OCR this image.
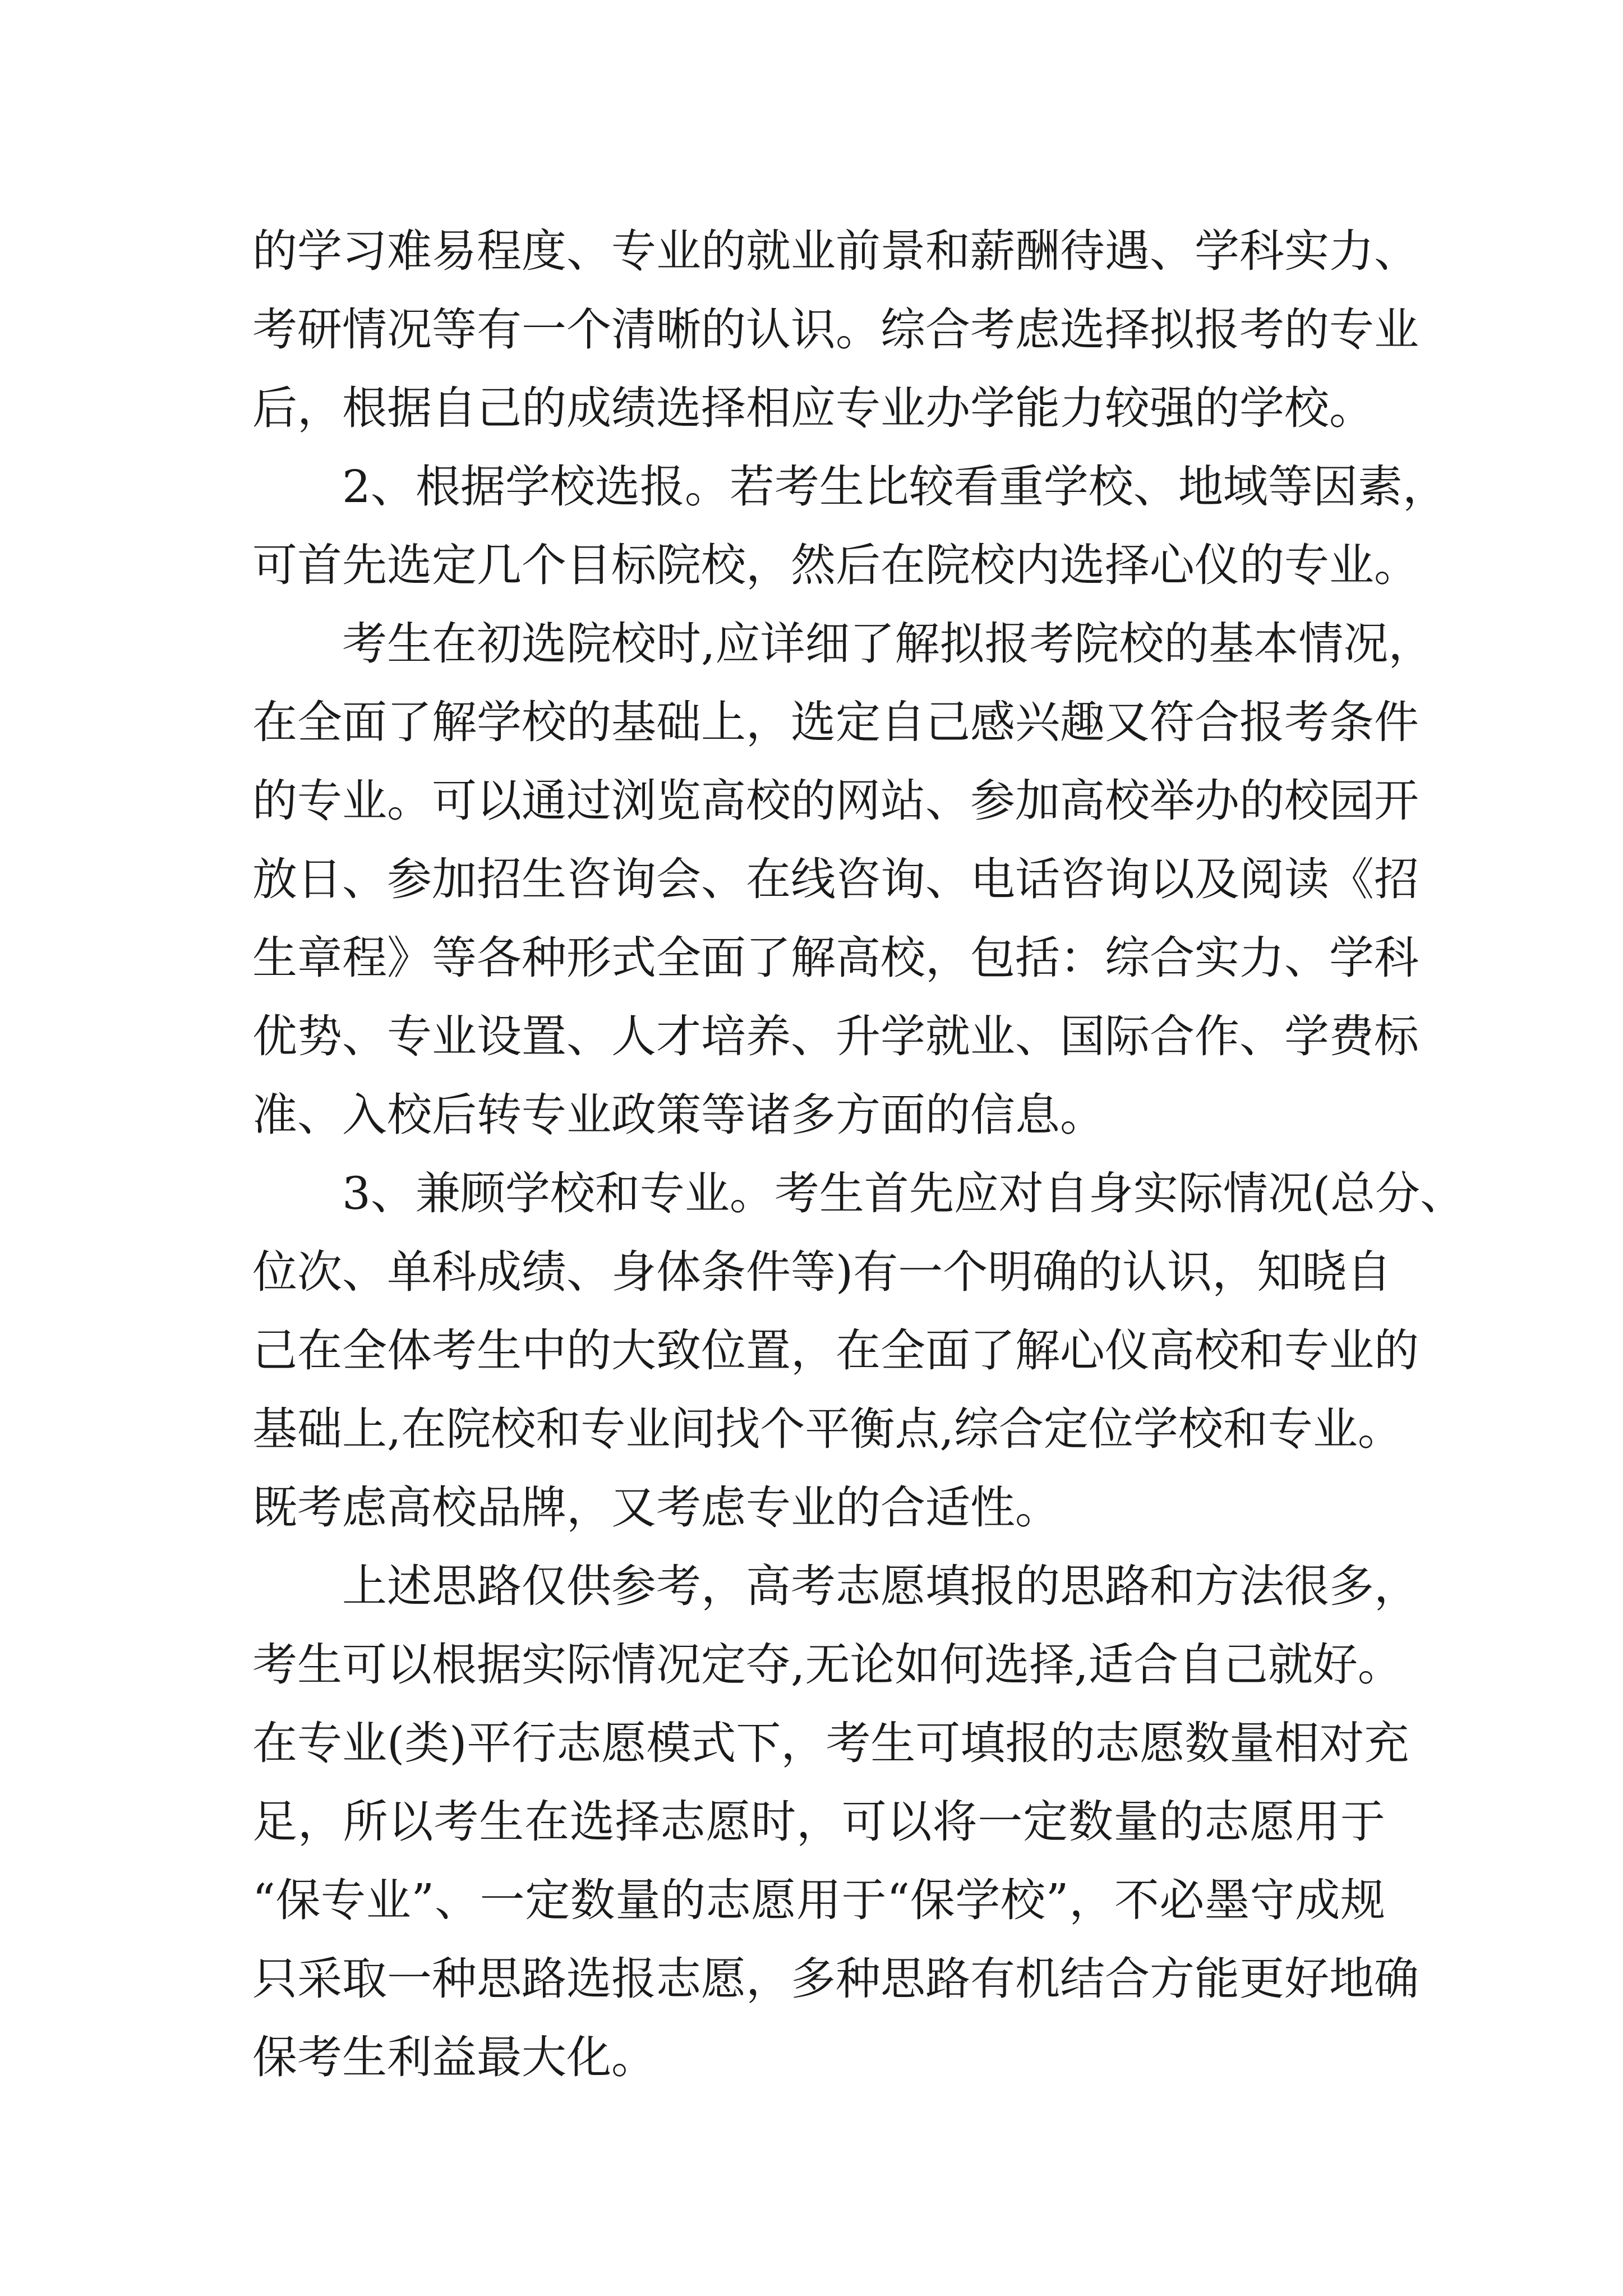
的学习难易程度、专业的就业前景和薪酬待遇、学科实力、
考研情况等有一个清晰的认识。综合考虑选择拟报考的专业
后，根据自己的成绩选择相应专业办学能力较强的学校。
2、根据学校选报。若考生比较看重学校、地域等因素，
可首先选定几个目标院校，然后在院校内选择心仪的专业。
考生在初选院校时,应详细了解拟报考院校的基本情况，
在全面了解学校的基础上，选定自己感兴趣又符合报考条件
的专业。可以通过浏览高校的网站、参加高校举办的校园开
放日、参加招生咨询会、在线咨询、电话咨询以及阅读《招
生章程》等各种形式全面了解高校，包括：综合实力、学科
优势、专业设置、人才培养、升学就业、国际合作、学费标
准、入校后转专业政策等诸多方面的信息。
3、兼顾学校和专业。考生首先应对自身实际情况(总分、
位次、单科成绩、身体条件等)有一个明确的认识，知晓自
己在全体考生中的大致位置，在全面了解心仪高校和专业的
基础上,在院校和专业间找个平衡点,综合定位学校和专业。
既考虑高校品牌，又考虑专业的合适性。
上述思路仅供参考，高考志愿填报的思路和方法很多，
考生可以根据实际情况定夺,无论如何选择,适合自己就好。
在专业(类)平行志愿模式下，考生可填报的志愿数量相对充
足，所以考生在选择志愿时，可以将一定数量的志愿用于
“保专业”、一定数量的志愿用于“保学校”，不必墨守成规
只采取一种思路选报志愿，多种思路有机结合方能更好地确
保考生利益最大化。
